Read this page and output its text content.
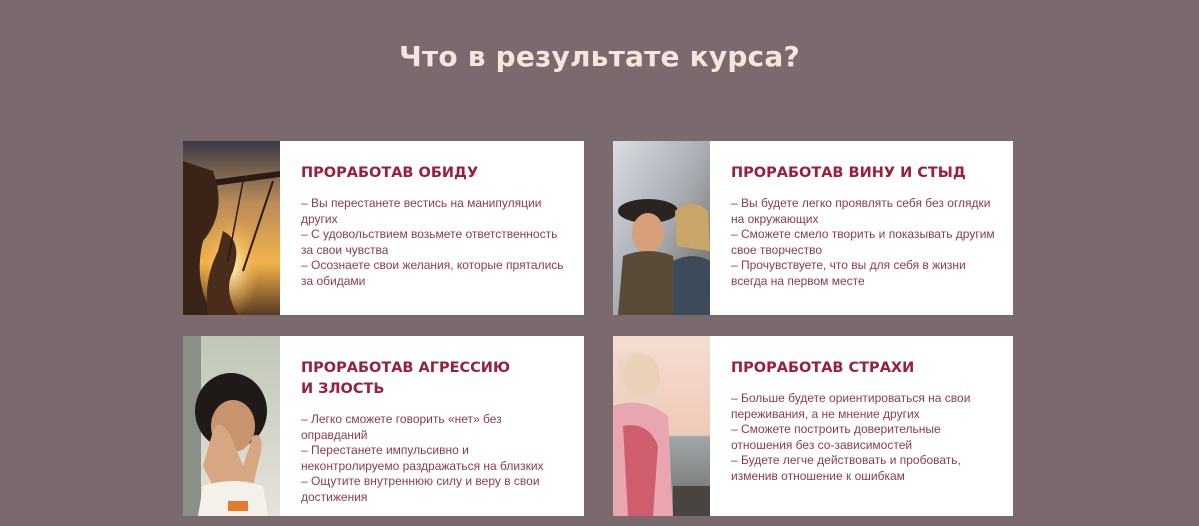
Что в результате курса?
ПРОРАБОТАВ ОБИДУ
– Вы перестанете вестись на манипуляции других
– С удовольствием возьмете ответственность за свои чувства
– Осознаете свои желания, которые прятались за обидами
ПРОРАБОТАВ ВИНУ И СТЫД
– Вы будете легко проявлять себя без оглядки на окружающих
– Сможете смело творить и показывать другим свое творчество
– Прочувствуете, что вы для себя в жизни всегда на первом месте
ПРОРАБОТАВ АГРЕССИЮ
И ЗЛОСТЬ
– Легко сможете говорить «нет» без оправданий
– Перестанете импульсивно и неконтролируемо раздражаться на близких
– Ощутите внутреннюю силу и веру в свои достижения
ПРОРАБОТАВ СТРАХИ
– Больше будете ориентироваться на свои переживания, а не мнение других
– Сможете построить доверительные отношения без со-зависимостей
– Будете легче действовать и пробовать, изменив отношение к ошибкам
